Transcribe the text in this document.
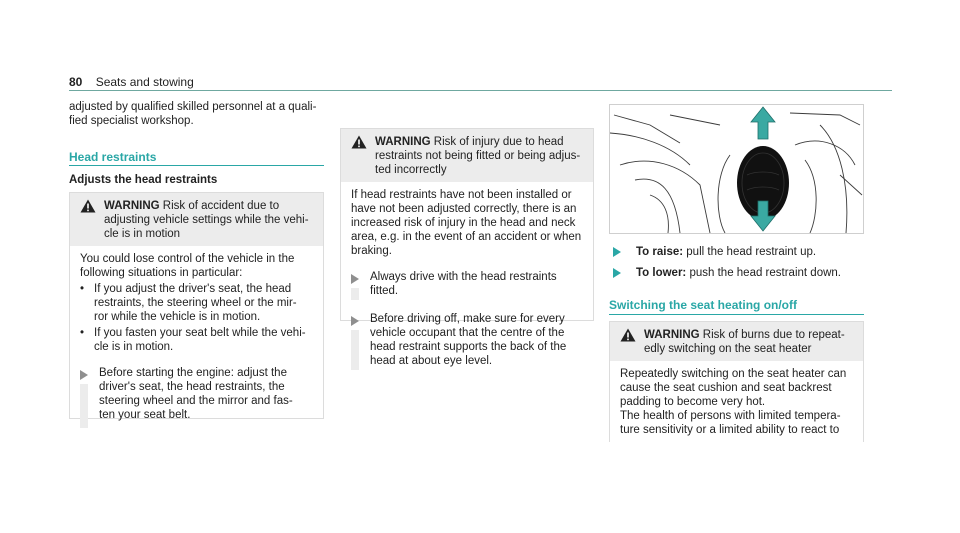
80 Seats and stowing
adjusted by qualified skilled personnel at a quali-
fied specialist workshop.
Head restraints
Adjusts the head restraints
WARNING Risk of accident due to
adjusting vehicle settings while the vehi-
cle is in motion
You could lose control of the vehicle in the
following situations in particular:
• If you adjust the driver's seat, the head
restraints, the steering wheel or the mir-
ror while the vehicle is in motion.
• If you fasten your seat belt while the vehi-
cle is in motion.
Before starting the engine: adjust the
driver's seat, the head restraints, the
steering wheel and the mirror and fas-
ten your seat belt.
WARNING Risk of injury due to head
restraints not being fitted or being adjus-
ted incorrectly
If head restraints have not been installed or
have not been adjusted correctly, there is an
increased risk of injury in the head and neck
area, e.g. in the event of an accident or when
braking.
Always drive with the head restraints
fitted.
Before driving off, make sure for every
vehicle occupant that the centre of the
head restraint supports the back of the
head at about eye level.
To raise: pull the head restraint up.
To lower: push the head restraint down.
Switching the seat heating on/off
WARNING Risk of burns due to repeat-
edly switching on the seat heater
Repeatedly switching on the seat heater can
cause the seat cushion and seat backrest
padding to become very hot.
The health of persons with limited tempera-
ture sensitivity or a limited ability to react to
